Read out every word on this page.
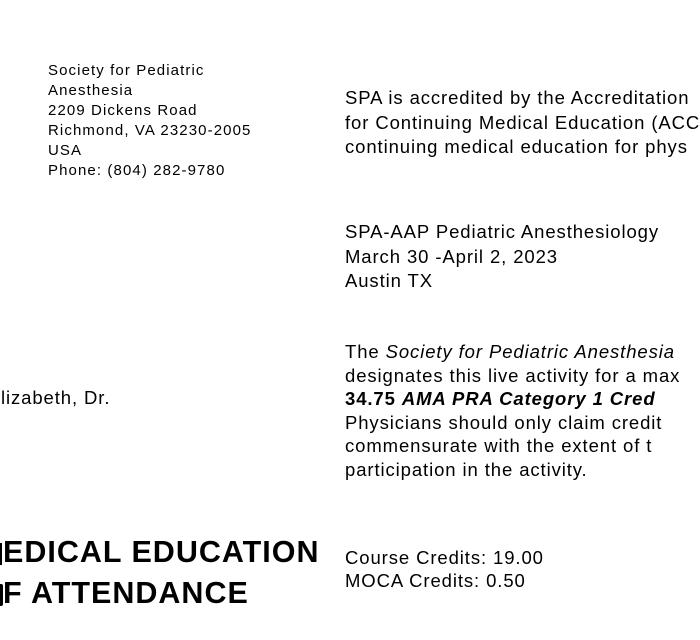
Society for Pediatric
Anesthesia
2209 Dickens Road
Richmond, VA 23230-2005
USA
Phone: (804) 282-9780
SPA is accredited by the Accreditation
for Continuing Medical Education (ACC
continuing medical education for phys
SPA-AAP Pediatric Anesthesiology
March 30 -April 2, 2023
Austin TX
The Society for Pediatric Anesthesia
designates this live activity for a max
34.75 AMA PRA Category 1 Cred
Physicians should only claim credit
commensurate with the extent of t
participation in the activity.
lizabeth, Dr.
EDICAL EDUCATION
F ATTENDANCE
Course Credits: 19.00
MOCA Credits: 0.50
